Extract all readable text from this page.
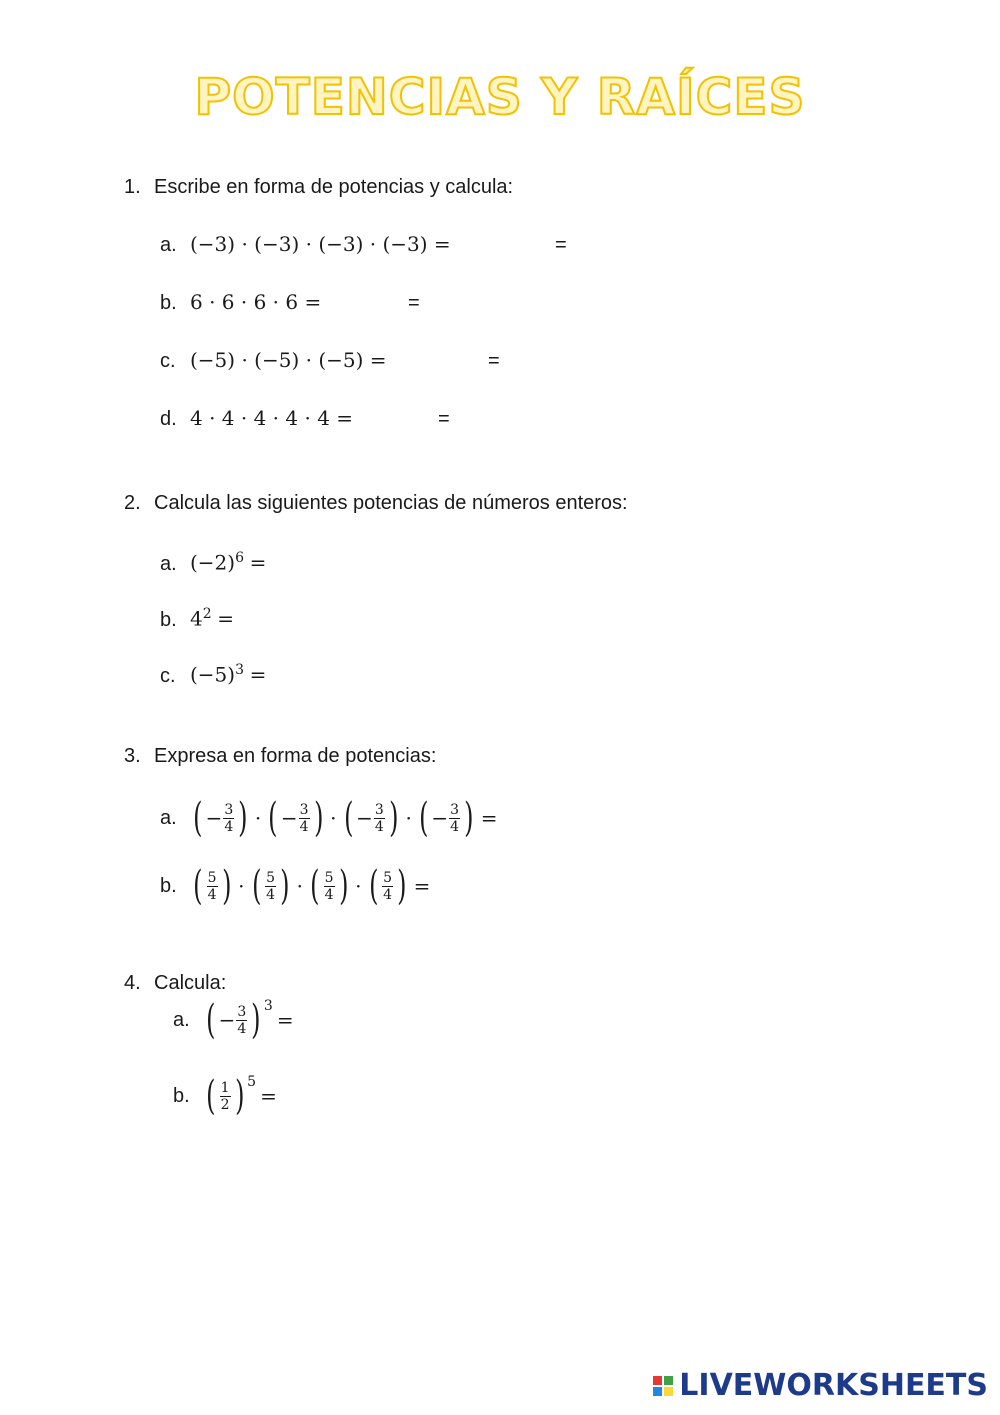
POTENCIAS Y RAÍCES
1. Escribe en forma de potencias y calcula:
a. (−3) · (−3) · (−3) · (−3) =	=
b. 6 · 6 · 6 · 6 =	=
c. (−5) · (−5) · (−5) =	=
d. 4 · 4 · 4 · 4 · 4 =	=
2. Calcula las siguientes potencias de números enteros:
a. $(-2)^6$ =
b. $4^2$ =
c. $(-5)^3$ =
3. Expresa en forma de potencias:
a. ( − $\frac{3}{4}$ ) · ( − $\frac{3}{4}$ ) · ( − $\frac{3}{4}$ ) · ( − $\frac{3}{4}$ ) =
b. ( $\frac{5}{4}$ ) · ( $\frac{5}{4}$ ) · ( $\frac{5}{4}$ ) · ( $\frac{5}{4}$ ) =
4. Calcula:
a. ( − $\frac{3}{4}$ ) 3
=
b. ( $\frac{1}{2}$ ) 5
=
LIVEWORKSHEETS
